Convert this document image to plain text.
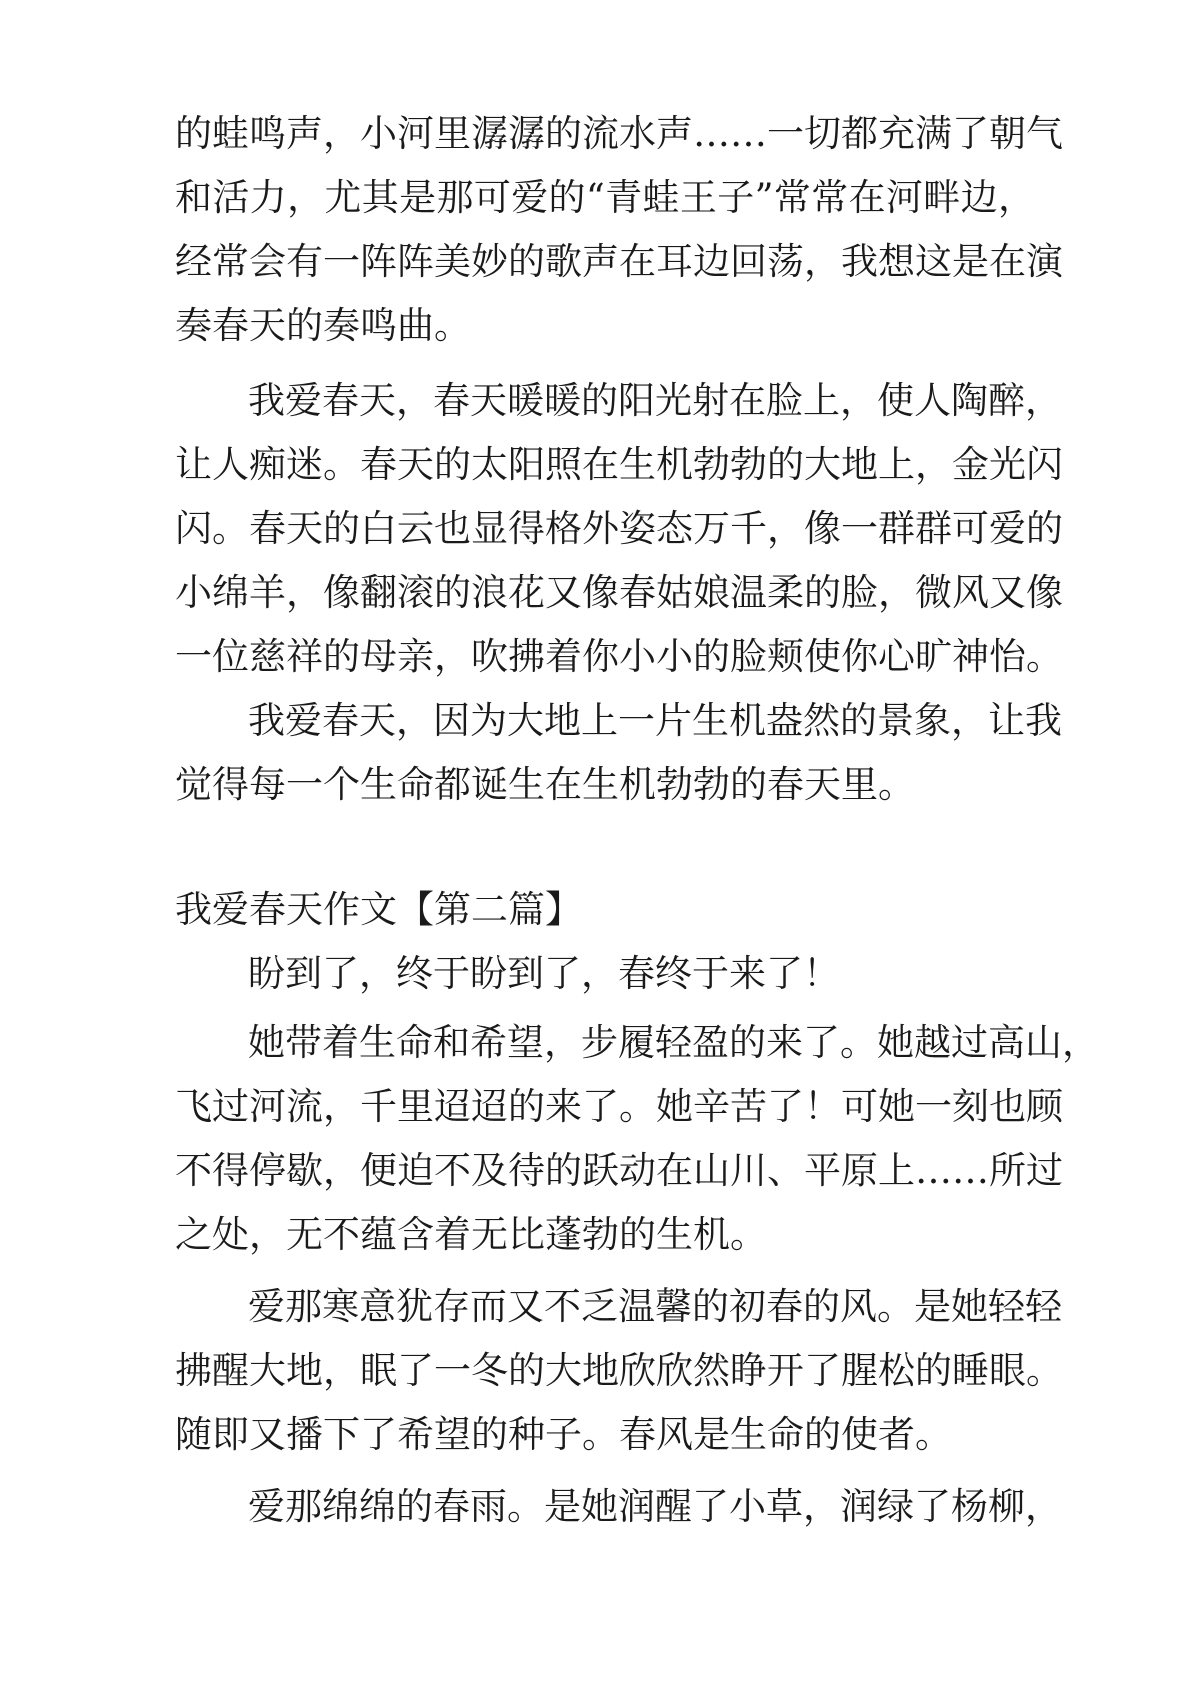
的蛙鸣声，小河里潺潺的流水声……一切都充满了朝气
和活力，尤其是那可爱的“青蛙王子”常常在河畔边，
经常会有一阵阵美妙的歌声在耳边回荡，我想这是在演
奏春天的奏鸣曲。
我爱春天，春天暖暖的阳光射在脸上，使人陶醉，
让人痴迷。春天的太阳照在生机勃勃的大地上，金光闪
闪。春天的白云也显得格外姿态万千，像一群群可爱的
小绵羊，像翻滚的浪花又像春姑娘温柔的脸，微风又像
一位慈祥的母亲，吹拂着你小小的脸颊使你心旷神怡。
我爱春天，因为大地上一片生机盎然的景象，让我
觉得每一个生命都诞生在生机勃勃的春天里。
我爱春天作文【第二篇】
盼到了，终于盼到了，春终于来了！
她带着生命和希望，步履轻盈的来了。她越过高山，
飞过河流，千里迢迢的来了。她辛苦了！可她一刻也顾
不得停歇，便迫不及待的跃动在山川、平原上……所过
之处，无不蕴含着无比蓬勃的生机。
爱那寒意犹存而又不乏温馨的初春的风。是她轻轻
拂醒大地，眠了一冬的大地欣欣然睁开了腥松的睡眼。
随即又播下了希望的种子。春风是生命的使者。
爱那绵绵的春雨。是她润醒了小草，润绿了杨柳，
